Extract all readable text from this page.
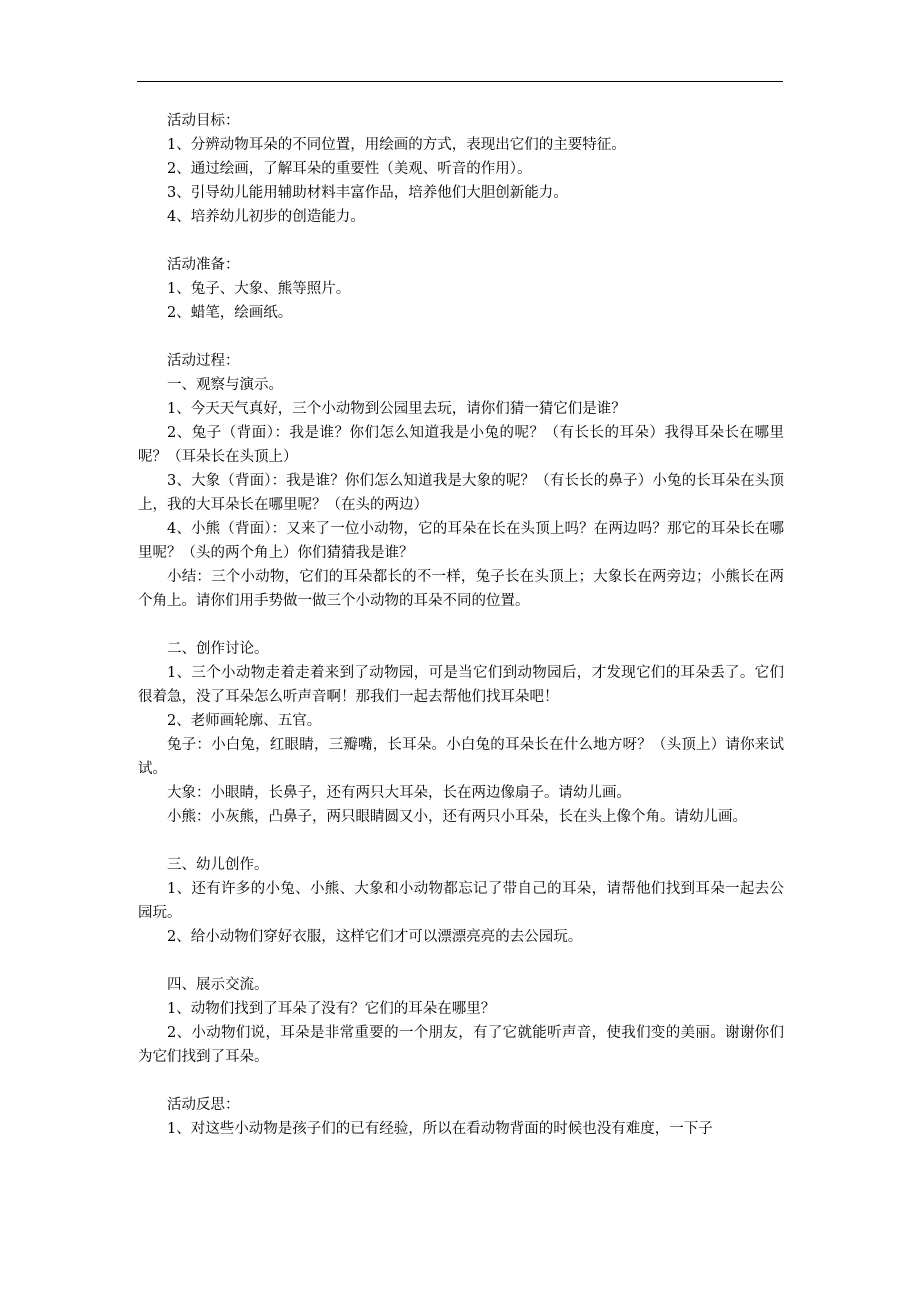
活动目标：

1、分辨动物耳朵的不同位置，用绘画的方式，表现出它们的主要特征。

2、通过绘画，了解耳朵的重要性（美观、听音的作用）。

3、引导幼儿能用辅助材料丰富作品，培养他们大胆创新能力。

4、培养幼儿初步的创造能力。

活动准备：

1、兔子、大象、熊等照片。

2、蜡笔，绘画纸。

活动过程：

一、观察与演示。

1、今天天气真好，三个小动物到公园里去玩，请你们猜一猜它们是谁？

2、兔子（背面）：我是谁？你们怎么知道我是小兔的呢？（有长长的耳朵）我得耳朵长在哪里呢？（耳朵长在头顶上）

3、大象（背面）：我是谁？你们怎么知道我是大象的呢？（有长长的鼻子）小兔的长耳朵在头顶上，我的大耳朵长在哪里呢？（在头的两边）

4、小熊（背面）：又来了一位小动物，它的耳朵在长在头顶上吗？在两边吗？那它的耳朵长在哪里呢？（头的两个角上）你们猜猜我是谁？

小结：三个小动物，它们的耳朵都长的不一样，兔子长在头顶上；大象长在两旁边；小熊长在两个角上。请你们用手势做一做三个小动物的耳朵不同的位置。

二、创作讨论。

1、三个小动物走着走着来到了动物园，可是当它们到动物园后，才发现它们的耳朵丢了。它们很着急，没了耳朵怎么听声音啊！那我们一起去帮他们找耳朵吧！

2、老师画轮廓、五官。

兔子：小白兔，红眼睛，三瓣嘴，长耳朵。小白兔的耳朵长在什么地方呀？（头顶上）请你来试试。

大象：小眼睛，长鼻子，还有两只大耳朵，长在两边像扇子。请幼儿画。

小熊：小灰熊，凸鼻子，两只眼睛圆又小，还有两只小耳朵，长在头上像个角。请幼儿画。

三、幼儿创作。

1、还有许多的小兔、小熊、大象和小动物都忘记了带自己的耳朵，请帮他们找到耳朵一起去公园玩。

2、给小动物们穿好衣服，这样它们才可以漂漂亮亮的去公园玩。

四、展示交流。

1、动物们找到了耳朵了没有？它们的耳朵在哪里？

2、小动物们说，耳朵是非常重要的一个朋友，有了它就能听声音，使我们变的美丽。谢谢你们为它们找到了耳朵。

活动反思：

1、对这些小动物是孩子们的已有经验，所以在看动物背面的时候也没有难度，一下子
